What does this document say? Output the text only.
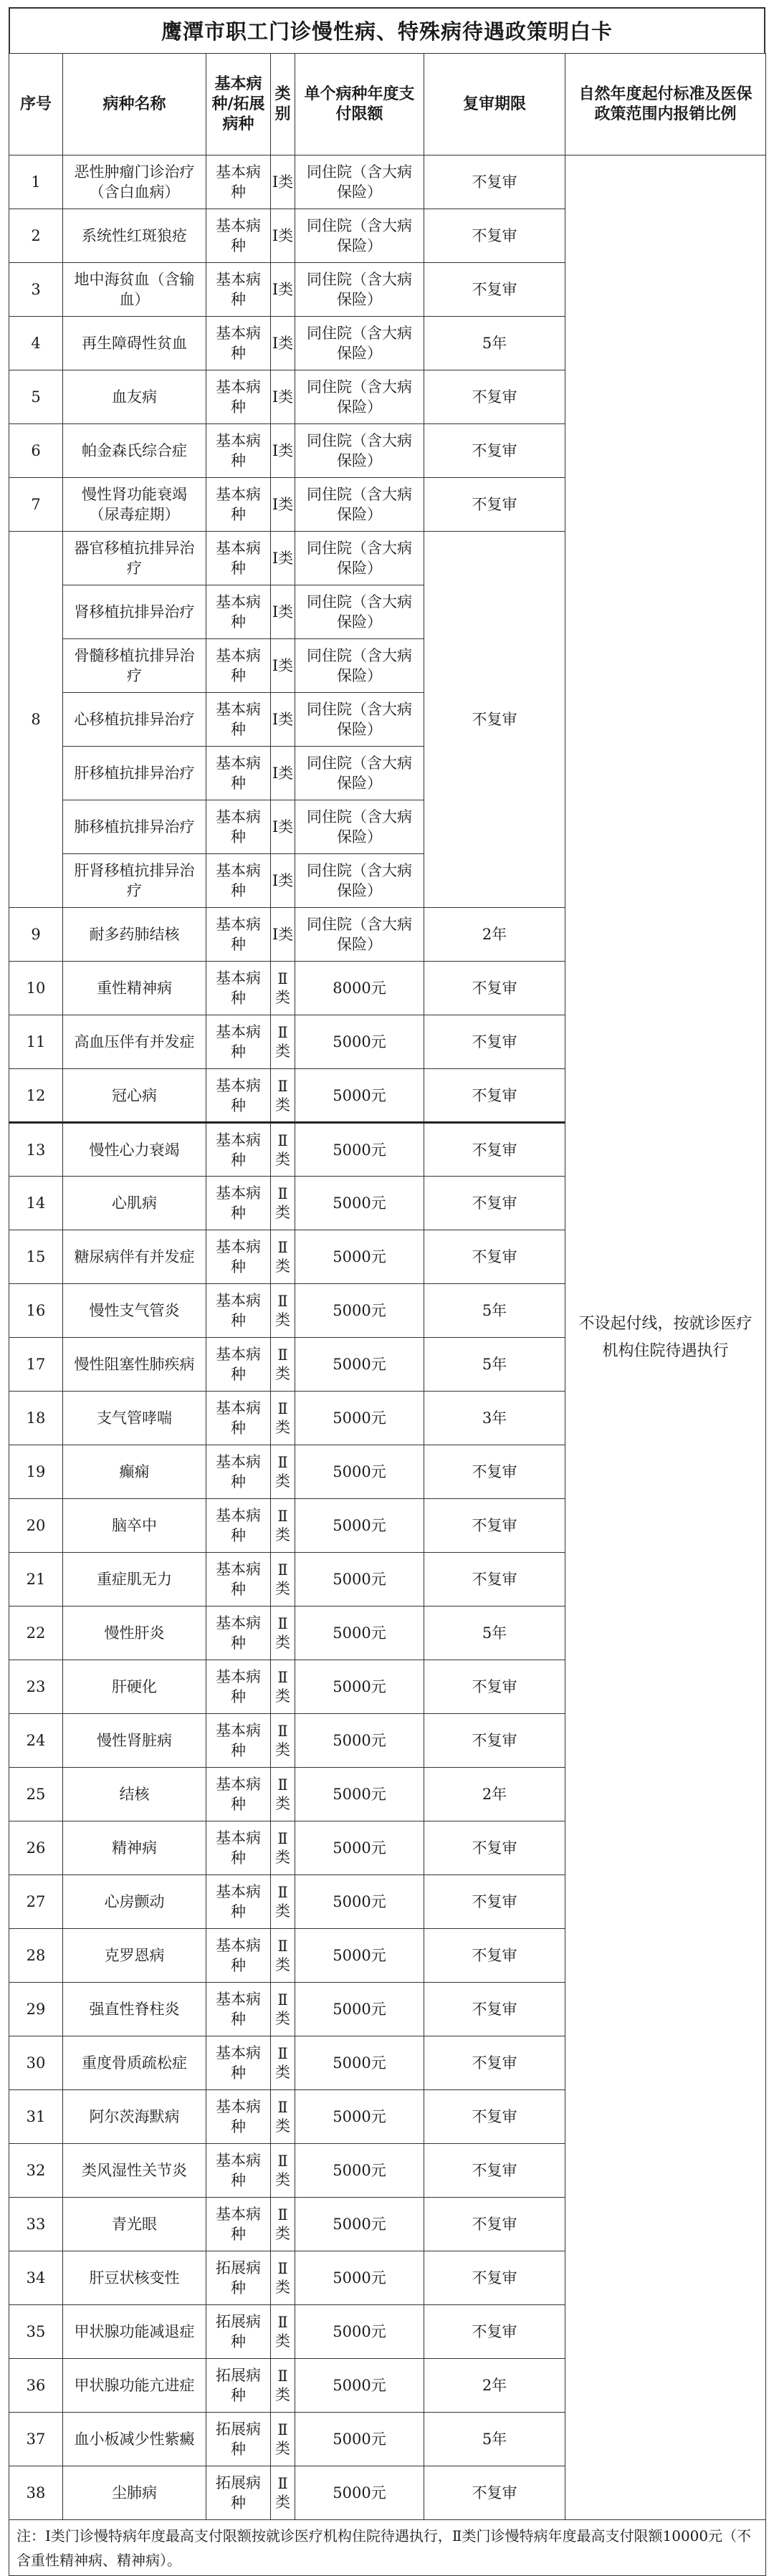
鹰潭市职工门诊慢性病、特殊病待遇政策明白卡
序号	病种名称	基本病种/拓展病种	类别	单个病种年度支付限额	复审期限	自然年度起付标准及医保政策范围内报销比例
1	恶性肿瘤门诊治疗（含白血病）	基本病种	Ⅰ类	同住院（含大病保险）	不复审	不设起付线，按就诊医疗机构住院待遇执行
2	系统性红斑狼疮	基本病种	Ⅰ类	同住院（含大病保险）	不复审	
3	地中海贫血（含输血）	基本病种	Ⅰ类	同住院（含大病保险）	不复审	
4	再生障碍性贫血	基本病种	Ⅰ类	同住院（含大病保险）	5年	
5	血友病	基本病种	Ⅰ类	同住院（含大病保险）	不复审	
6	帕金森氏综合症	基本病种	Ⅰ类	同住院（含大病保险）	不复审	
7	慢性肾功能衰竭（尿毒症期）	基本病种	Ⅰ类	同住院（含大病保险）	不复审	
8	器官移植抗排异治疗	基本病种	Ⅰ类	同住院（含大病保险）	不复审	
	肾移植抗排异治疗	基本病种	Ⅰ类	同住院（含大病保险）		
	骨髓移植抗排异治疗	基本病种	Ⅰ类	同住院（含大病保险）		
	心移植抗排异治疗	基本病种	Ⅰ类	同住院（含大病保险）		
	肝移植抗排异治疗	基本病种	Ⅰ类	同住院（含大病保险）		
	肺移植抗排异治疗	基本病种	Ⅰ类	同住院（含大病保险）		
	肝肾移植抗排异治疗	基本病种	Ⅰ类	同住院（含大病保险）		
9	耐多药肺结核	基本病种	Ⅰ类	同住院（含大病保险）	2年	
10	重性精神病	基本病种	Ⅱ类	8000元	不复审	
11	高血压伴有并发症	基本病种	Ⅱ类	5000元	不复审	
12	冠心病	基本病种	Ⅱ类	5000元	不复审	
13	慢性心力衰竭	基本病种	Ⅱ类	5000元	不复审	
14	心肌病	基本病种	Ⅱ类	5000元	不复审	
15	糖尿病伴有并发症	基本病种	Ⅱ类	5000元	不复审	
16	慢性支气管炎	基本病种	Ⅱ类	5000元	5年	
17	慢性阻塞性肺疾病	基本病种	Ⅱ类	5000元	5年	
18	支气管哮喘	基本病种	Ⅱ类	5000元	3年	
19	癫痫	基本病种	Ⅱ类	5000元	不复审	
20	脑卒中	基本病种	Ⅱ类	5000元	不复审	
21	重症肌无力	基本病种	Ⅱ类	5000元	不复审	
22	慢性肝炎	基本病种	Ⅱ类	5000元	5年	
23	肝硬化	基本病种	Ⅱ类	5000元	不复审	
24	慢性肾脏病	基本病种	Ⅱ类	5000元	不复审	
25	结核	基本病种	Ⅱ类	5000元	2年	
26	精神病	基本病种	Ⅱ类	5000元	不复审	
27	心房颤动	基本病种	Ⅱ类	5000元	不复审	
28	克罗恩病	基本病种	Ⅱ类	5000元	不复审	
29	强直性脊柱炎	基本病种	Ⅱ类	5000元	不复审	
30	重度骨质疏松症	基本病种	Ⅱ类	5000元	不复审	
31	阿尔茨海默病	基本病种	Ⅱ类	5000元	不复审	
32	类风湿性关节炎	基本病种	Ⅱ类	5000元	不复审	
33	青光眼	基本病种	Ⅱ类	5000元	不复审	
34	肝豆状核变性	拓展病种	Ⅱ类	5000元	不复审	
35	甲状腺功能减退症	拓展病种	Ⅱ类	5000元	不复审	
36	甲状腺功能亢进症	拓展病种	Ⅱ类	5000元	2年	
37	血小板减少性紫癜	拓展病种	Ⅱ类	5000元	5年	
38	尘肺病	拓展病种	Ⅱ类	5000元	不复审	
注：Ⅰ类门诊慢特病年度最高支付限额按就诊医疗机构住院待遇执行，Ⅱ类门诊慢特病年度最高支付限额10000元（不含重性精神病、精神病）。						
